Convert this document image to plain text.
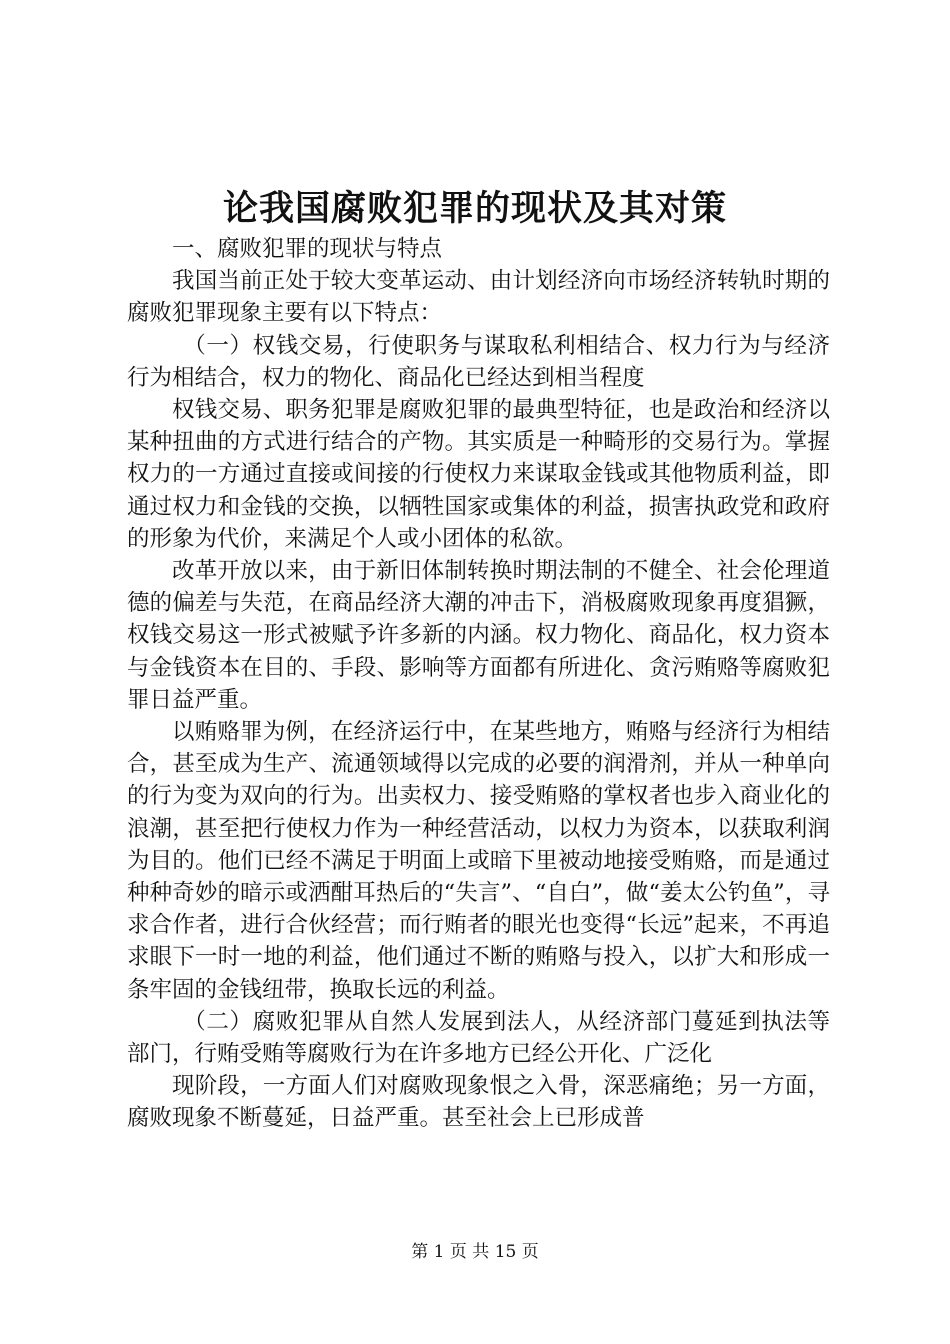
论我国腐败犯罪的现状及其对策

一、腐败犯罪的现状与特点

我国当前正处于较大变革运动、由计划经济向市场经济转轨时期的腐败犯罪现象主要有以下特点：

（一）权钱交易，行使职务与谋取私利相结合、权力行为与经济行为相结合，权力的物化、商品化已经达到相当程度

权钱交易、职务犯罪是腐败犯罪的最典型特征，也是政治和经济以某种扭曲的方式进行结合的产物。其实质是一种畸形的交易行为。掌握权力的一方通过直接或间接的行使权力来谋取金钱或其他物质利益，即通过权力和金钱的交换，以牺牲国家或集体的利益，损害执政党和政府的形象为代价，来满足个人或小团体的私欲。

改革开放以来，由于新旧体制转换时期法制的不健全、社会伦理道德的偏差与失范，在商品经济大潮的冲击下，消极腐败现象再度猖獗，权钱交易这一形式被赋予许多新的内涵。权力物化、商品化，权力资本与金钱资本在目的、手段、影响等方面都有所进化、贪污贿赂等腐败犯罪日益严重。

以贿赂罪为例，在经济运行中，在某些地方，贿赂与经济行为相结合，甚至成为生产、流通领域得以完成的必要的润滑剂，并从一种单向的行为变为双向的行为。出卖权力、接受贿赂的掌权者也步入商业化的浪潮，甚至把行使权力作为一种经营活动，以权力为资本，以获取利润为目的。他们已经不满足于明面上或暗下里被动地接受贿赂，而是通过种种奇妙的暗示或洒酣耳热后的“失言”、“自白”，做“姜太公钓鱼”，寻求合作者，进行合伙经营；而行贿者的眼光也变得“长远”起来，不再追求眼下一时一地的利益，他们通过不断的贿赂与投入，以扩大和形成一条牢固的金钱纽带，换取长远的利益。

（二）腐败犯罪从自然人发展到法人，从经济部门蔓延到执法等部门，行贿受贿等腐败行为在许多地方已经公开化、广泛化

现阶段，一方面人们对腐败现象恨之入骨，深恶痛绝；另一方面，腐败现象不断蔓延，日益严重。甚至社会上已形成普

第 1 页 共 15 页
